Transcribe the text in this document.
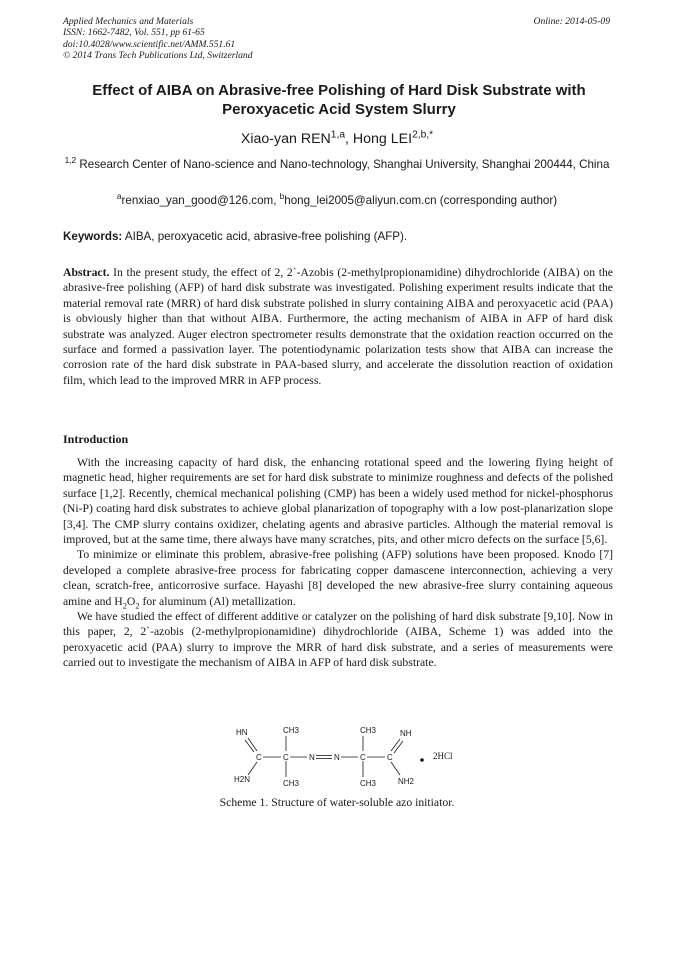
Applied Mechanics and Materials
ISSN: 1662-7482, Vol. 551, pp 61-65
doi:10.4028/www.scientific.net/AMM.551.61
© 2014 Trans Tech Publications Ltd, Switzerland
Online: 2014-05-09
Effect of AIBA on Abrasive-free Polishing of Hard Disk Substrate with Peroxyacetic Acid System Slurry
Xiao-yan REN$^{1,a}$, Hong $LEI^{2,b,*}$
$^{1,2}$ Research Center of Nano-science and Nano-technology, Shanghai University, Shanghai 200444, China
$^a$renxiao_yan_good@126.com, $^b$hong_lei2005@aliyun.com.cn (corresponding author)
Keywords: AIBA, peroxyacetic acid, abrasive-free polishing (AFP).
Abstract. In the present study, the effect of 2, 2`-Azobis (2-methylpropionamidine) dihydrochloride (AIBA) on the abrasive-free polishing (AFP) of hard disk substrate was investigated. Polishing experiment results indicate that the material removal rate (MRR) of hard disk substrate polished in slurry containing AIBA and peroxyacetic acid (PAA) is obviously higher than that without AIBA. Furthermore, the acting mechanism of AIBA in AFP of hard disk substrate was analyzed. Auger electron spectrometer results demonstrate that the oxidation reaction occurred on the surface and formed a passivation layer. The potentiodynamic polarization tests show that AIBA can increase the corrosion rate of the hard disk substrate in PAA-based slurry, and accelerate the dissolution reaction of oxidation film, which lead to the improved MRR in AFP process.
Introduction

With the increasing capacity of hard disk, the enhancing rotational speed and the lowering flying height of magnetic head, higher requirements are set for hard disk substrate to minimize roughness and defects of the polished surface [1,2]. Recently, chemical mechanical polishing (CMP) has been a widely used method for nickel-phosphorus (Ni-P) coating hard disk substrates to achieve global planarization of topography with a low post-planarization slope [3,4]. The CMP slurry contains oxidizer, chelating agents and abrasive particles. Although the material removal is improved, but at the same time, there always have many scratches, pits, and other micro defects on the surface [5,6].

To minimize or eliminate this problem, abrasive-free polishing (AFP) solutions have been proposed. Knodo [7] developed a complete abrasive-free process for fabricating copper damascene interconnection, achieving a very clean, scratch-free, anticorrosive surface. Hayashi [8] developed the new abrasive-free slurry containing aqueous amine and $H_2O_2$ for aluminum (Al) metallization.

We have studied the effect of different additive or catalyzer on the polishing of hard disk substrate [9,10]. Now in this paper, 2, 2`-azobis (2-methylpropionamidine) dihydrochloride (AIBA, Scheme 1) was added into the peroxyacetic acid (PAA) slurry to improve the MRR of hard disk substrate, and a series of measurements were carried out to investigate the mechanism of AIBA in AFP of hard disk substrate.

HN
H2N
CH3
CH3
CH3
CH3
C	C	N N	C	C
NH
NH2
2HCl
Scheme 1. Structure of water-soluble azo initiator.
